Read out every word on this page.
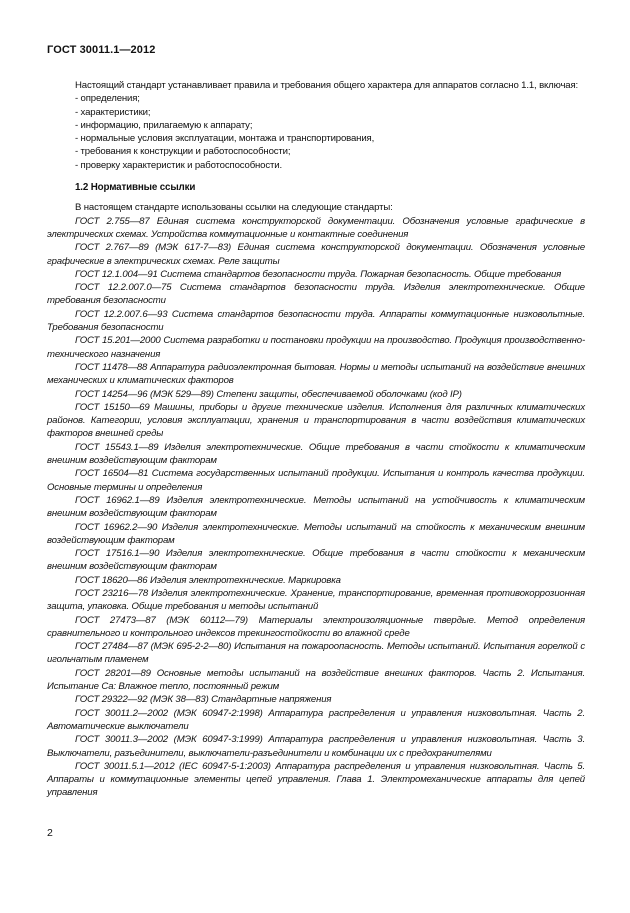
ГОСТ 30011.1—2012

Настоящий стандарт устанавливает правила и требования общего характера для аппаратов согласно 1.1, включая:

- определения;
- характеристики;
- информацию, прилагаемую к аппарату;
- нормальные условия эксплуатации, монтажа и транспортирования,
- требования к конструкции и работоспособности;
- проверку характеристик и работоспособности.
1.2 Нормативные ссылки

В настоящем стандарте использованы ссылки на следующие стандарты:

ГОСТ 2.755—87 Единая система конструкторской документации. Обозначения условные графические в электрических схемах. Устройства коммутационные и контактные соединения

ГОСТ 2.767—89 (МЭК 617-7—83) Единая система конструкторской документации. Обозначения условные графические в электрических схемах. Реле защиты

ГОСТ 12.1.004—91 Система стандартов безопасности труда. Пожарная безопасность. Общие требования

ГОСТ 12.2.007.0—75 Система стандартов безопасности труда. Изделия электротехнические. Общие требования безопасности

ГОСТ 12.2.007.6—93 Система стандартов безопасности труда. Аппараты коммутационные низковольтные. Требования безопасности

ГОСТ 15.201—2000 Система разработки и постановки продукции на производство. Продукция производственно-технического назначения

ГОСТ 11478—88 Аппаратура радиоэлектронная бытовая. Нормы и методы испытаний на воздействие внешних механических и климатических факторов

ГОСТ 14254—96 (МЭК 529—89) Степени защиты, обеспечиваемой оболочками (код IP)

ГОСТ 15150—69 Машины, приборы и другие технические изделия. Исполнения для различных климатических районов. Категории, условия эксплуатации, хранения и транспортирования в части воздействия климатических факторов внешней среды

ГОСТ 15543.1—89 Изделия электротехнические. Общие требования в части стойкости к климатическим внешним воздействующим факторам

ГОСТ 16504—81 Система государственных испытаний продукции. Испытания и контроль качества продукции. Основные термины и определения

ГОСТ 16962.1—89 Изделия электротехнические. Методы испытаний на устойчивость к климатическим внешним воздействующим факторам

ГОСТ 16962.2—90 Изделия электротехнические. Методы испытаний на стойкость к механическим внешним воздействующим факторам

ГОСТ 17516.1—90 Изделия электротехнические. Общие требования в части стойкости к механическим внешним воздействующим факторам

ГОСТ 18620—86 Изделия электротехнические. Маркировка

ГОСТ 23216—78 Изделия электротехнические. Хранение, транспортирование, временная противокоррозионная защита, упаковка. Общие требования и методы испытаний

ГОСТ 27473—87 (МЭК 60112—79) Материалы электроизоляционные твердые. Метод определения сравнительного и контрольного индексов трекингостойкости во влажной среде

ГОСТ 27484—87 (МЭК 695-2-2—80) Испытания на пожароопасность. Методы испытаний. Испытания горелкой с игольчатым пламенем

ГОСТ 28201—89 Основные методы испытаний на воздействие внешних факторов. Часть 2. Испытания. Испытание Са: Влажное тепло, постоянный режим

ГОСТ 29322—92 (МЭК 38—83) Стандартные напряжения

ГОСТ 30011.2—2002 (МЭК 60947-2:1998) Аппаратура распределения и управления низковольтная. Часть 2. Автоматические выключатели

ГОСТ 30011.3—2002 (МЭК 60947-3:1999) Аппаратура распределения и управления низковольтная. Часть 3. Выключатели, разъединители, выключатели-разъединители и комбинации их с предохранителями

ГОСТ 30011.5.1—2012 (IEC 60947-5-1:2003) Аппаратура распределения и управления низковольтная. Часть 5. Аппараты и коммутационные элементы цепей управления. Глава 1. Электромеханические аппараты для цепей управления

2
